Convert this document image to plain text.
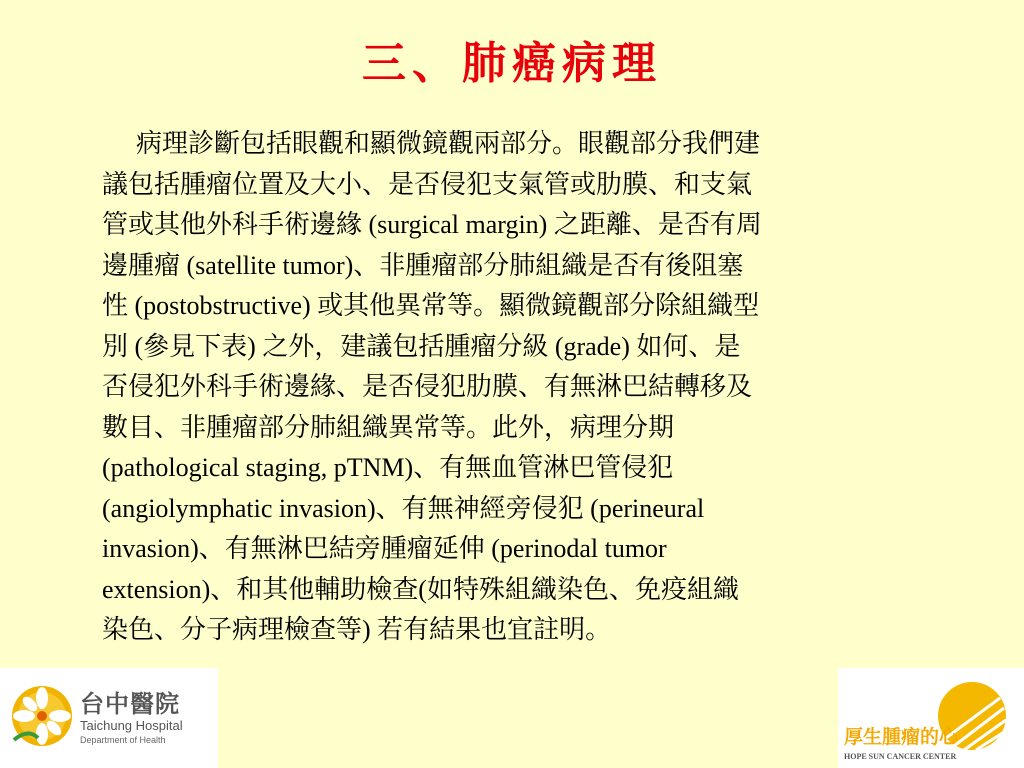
三、肺癌病理
病理診斷包括眼觀和顯微鏡觀兩部分。眼觀部分我們建
議包括腫瘤位置及大小、是否侵犯支氣管或肋膜、和支氣
管或其他外科手術邊緣 (surgical margin) 之距離、是否有周
邊腫瘤 (satellite tumor)、非腫瘤部分肺組織是否有後阻塞
性 (postobstructive) 或其他異常等。顯微鏡觀部分除組織型
別 (參見下表) 之外，建議包括腫瘤分級 (grade) 如何、是
否侵犯外科手術邊緣、是否侵犯肋膜、有無淋巴結轉移及
數目、非腫瘤部分肺組織異常等。此外，病理分期
(pathological staging, pTNM)、有無血管淋巴管侵犯
(angiolymphatic invasion)、有無神經旁侵犯 (perineural
invasion)、有無淋巴結旁腫瘤延伸 (perinodal tumor
extension)、和其他輔助檢查(如特殊組織染色、免疫組織
染色、分子病理檢查等) 若有結果也宜註明。
台中醫院
Taichung Hospital
Department of Health	厚生腫瘤的心
HOPE SUN CANCER CENTER
